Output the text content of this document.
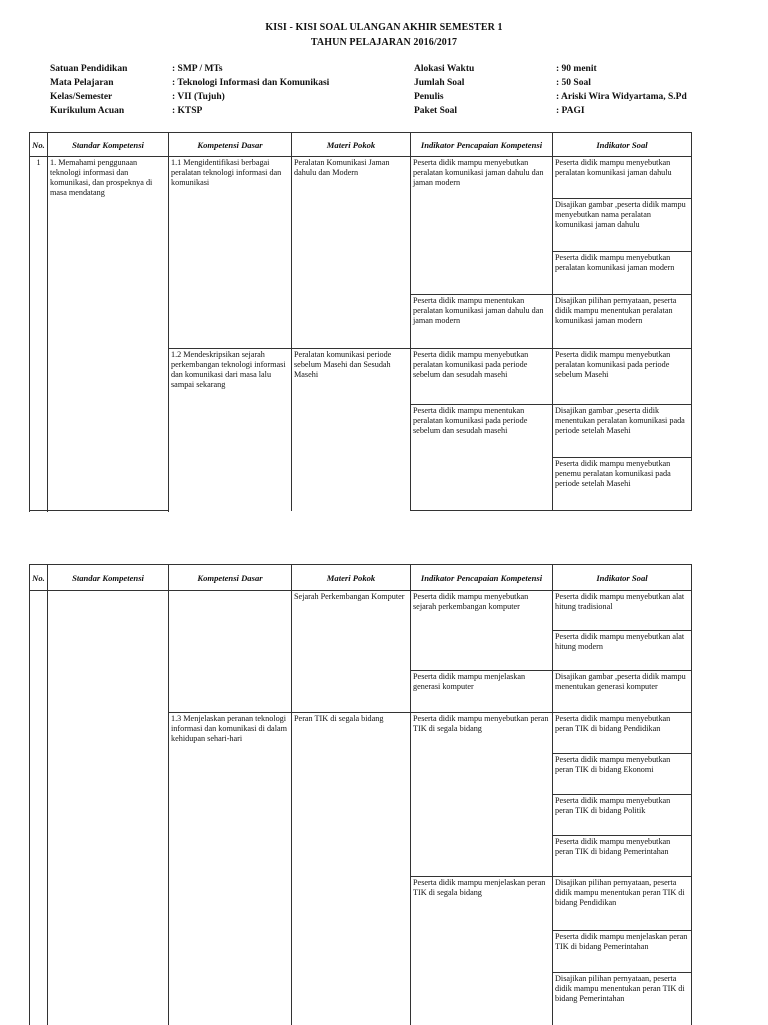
KISI - KISI SOAL ULANGAN AKHIR SEMESTER 1
TAHUN PELAJARAN 2016/2017
Satuan Pendidikan
Mata Pelajaran
Kelas/Semester
Kurikulum Acuan
: SMP / MTs
: Teknologi Informasi dan Komunikasi
: VII (Tujuh)
: KTSP
Alokasi Waktu
Jumlah Soal
Penulis
Paket Soal
: 90 menit
: 50 Soal
: Ariski Wira Widyartama, S.Pd
: PAGI
No.	Standar Kompetensi	Kompetensi Dasar	Materi Pokok	Indikator Pencapaian Kompetensi	Indikator Soal
1	1. Memahami penggunaan teknologi informasi dan komunikasi, dan prospeknya di masa mendatang	1.1 Mengidentifikasi berbagai peralatan teknologi informasi dan komunikasi	Peralatan Komunikasi Jaman dahulu dan Modern	Peserta didik mampu menyebutkan peralatan komunikasi jaman dahulu dan jaman modern	Peserta didik mampu menyebutkan peralatan komunikasi jaman dahulu
					Disajikan gambar ,peserta didik mampu menyebutkan nama peralatan komunikasi jaman dahulu
					Peserta didik mampu menyebutkan peralatan komunikasi jaman modern
				Peserta didik mampu menentukan peralatan komunikasi jaman dahulu dan jaman modern	Disajikan pilihan pernyataan, peserta didik mampu menentukan peralatan komunikasi jaman modern
		1.2 Mendeskripsikan sejarah perkembangan teknologi informasi dan komunikasi dari masa lalu sampai sekarang	Peralatan komunikasi periode sebelum Masehi dan Sesudah Masehi	Peserta didik mampu menyebutkan peralatan komunikasi pada periode sebelum dan sesudah masehi	Peserta didik mampu menyebutkan peralatan komunikasi pada periode sebelum Masehi
				Peserta didik mampu menentukan peralatan komunikasi pada periode sebelum dan sesudah masehi	Disajikan gambar ,peserta didik menentukan peralatan komunikasi pada periode setelah Masehi
					Peserta didik mampu menyebutkan penemu peralatan komunikasi pada periode setelah Masehi

No.	Standar Kompetensi	Kompetensi Dasar	Materi Pokok	Indikator Pencapaian Kompetensi	Indikator Soal
			Sejarah Perkembangan Komputer	Peserta didik mampu menyebutkan sejarah perkembangan komputer	Peserta didik mampu menyebutkan alat hitung tradisional
					Peserta didik mampu menyebutkan alat hitung modern
				Peserta didik mampu menjelaskan generasi komputer	Disajikan gambar ,peserta didik mampu menentukan generasi komputer
		1.3 Menjelaskan peranan teknologi informasi dan komunikasi di dalam kehidupan sehari-hari	Peran TIK di segala bidang	Peserta didik mampu menyebutkan peran TIK di segala bidang	Peserta didik mampu menyebutkan peran TIK di bidang Pendidikan
					Peserta didik mampu menyebutkan peran TIK di bidang Ekonomi
					Peserta didik mampu menyebutkan peran TIK di bidang Politik
					Peserta didik mampu menyebutkan peran TIK di bidang Pemerintahan
				Peserta didik mampu menjelaskan peran TIK di segala bidang	Disajikan pilihan pernyataan, peserta didik mampu menentukan peran TIK di bidang Pendidikan
					Peserta didik mampu menjelaskan peran TIK di bidang Pemerintahan
					Disajikan pilihan pernyataan, peserta didik mampu menentukan peran TIK di bidang Pemerintahan
